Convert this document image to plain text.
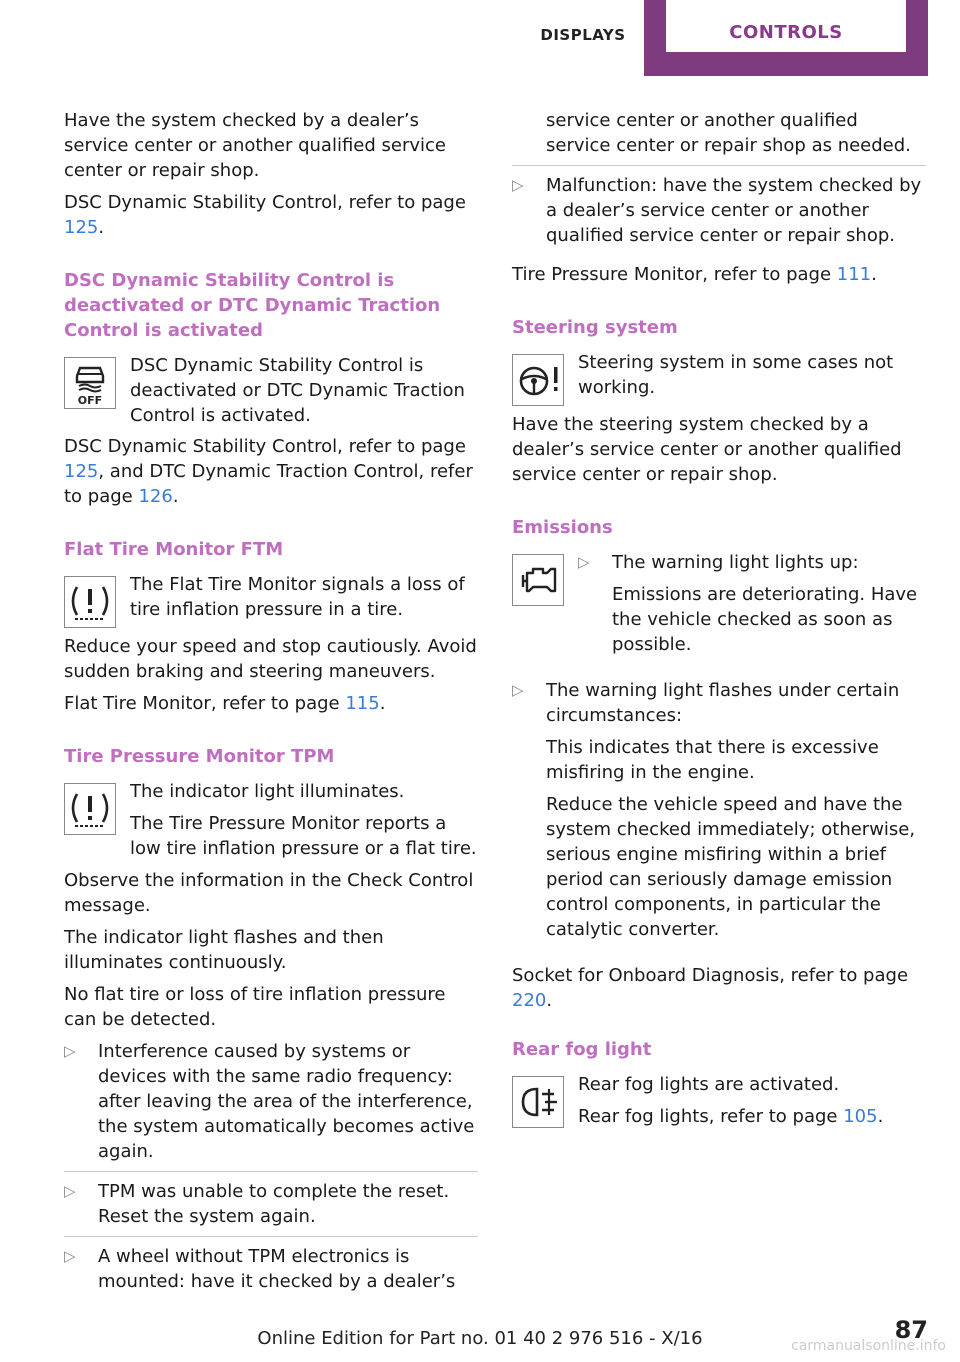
DISPLAYS	CONTROLS

Have the system checked by a dealer’s service center or another qualified service center or repair shop.

DSC Dynamic Stability Control, refer to page 125.

DSC Dynamic Stability Control is deactivated or DTC Dynamic Traction Control is activated
OFF
DSC Dynamic Stability Control is deactivated or DTC Dynamic Traction Control is activated.

DSC Dynamic Stability Control, refer to page 125, and DTC Dynamic Traction Control, refer to page 126.

Flat Tire Monitor FTM
The Flat Tire Monitor signals a loss of tire inflation pressure in a tire.

Reduce your speed and stop cautiously. Avoid sudden braking and steering maneuvers.

Flat Tire Monitor, refer to page 115.

Tire Pressure Monitor TPM

The indicator light illuminates.

The Tire Pressure Monitor reports a low tire inflation pressure or a flat tire.

Observe the information in the Check Control message.

The indicator light flashes and then illuminates continuously.

No flat tire or loss of tire inflation pressure can be detected.

▷ Interference caused by systems or devices with the same radio frequency: after leaving the area of the interference, the system automatically becomes active again.
▷ TPM was unable to complete the reset. Reset the system again.
▷ A wheel without TPM electronics is mounted: have it checked by a dealer’s
service center or another qualified service center or repair shop as needed.
▷ Malfunction: have the system checked by a dealer’s service center or another qualified service center or repair shop.

Tire Pressure Monitor, refer to page 111.

Steering system
Steering system in some cases not working.

Have the steering system checked by a dealer’s service center or another qualified service center or repair shop.

Emissions
▷ The warning light lights up:

Emissions are deteriorating. Have the vehicle checked as soon as possible.

▷ The warning light flashes under certain circumstances:

This indicates that there is excessive misfiring in the engine.

Reduce the vehicle speed and have the system checked immediately; otherwise, serious engine misfiring within a brief period can seriously damage emission control components, in particular the catalytic converter.

Socket for Onboard Diagnosis, refer to page 220.

Rear fog light

Rear fog lights are activated.

Rear fog lights, refer to page 105.

87
Online Edition for Part no. 01 40 2 976 516 - X/16	carmanualsonline.info
